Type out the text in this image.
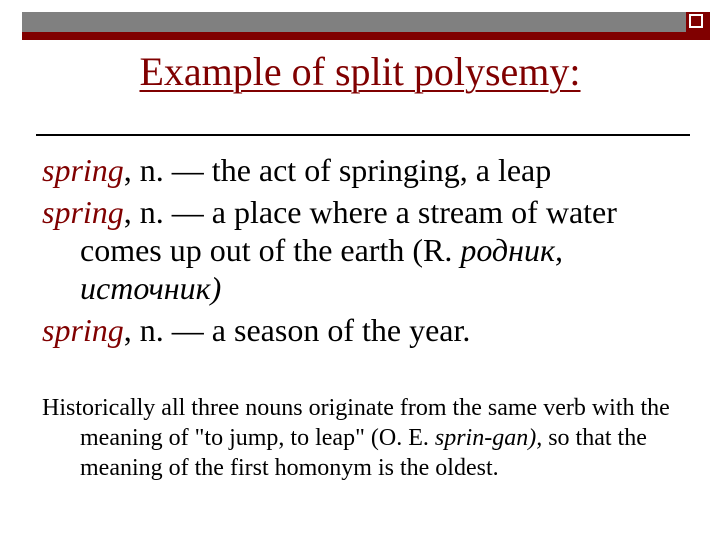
Example of split polysemy:

spring, n. — the act of springing, a leap

spring, n. — a place where a stream of water comes up out of the earth (R. родник, источник)

spring, n. — a season of the year.

Historically all three nouns originate from the same verb with the meaning of "to jump, to leap" (O. E. sprin-gan), so that the meaning of the first homonym is the oldest.
